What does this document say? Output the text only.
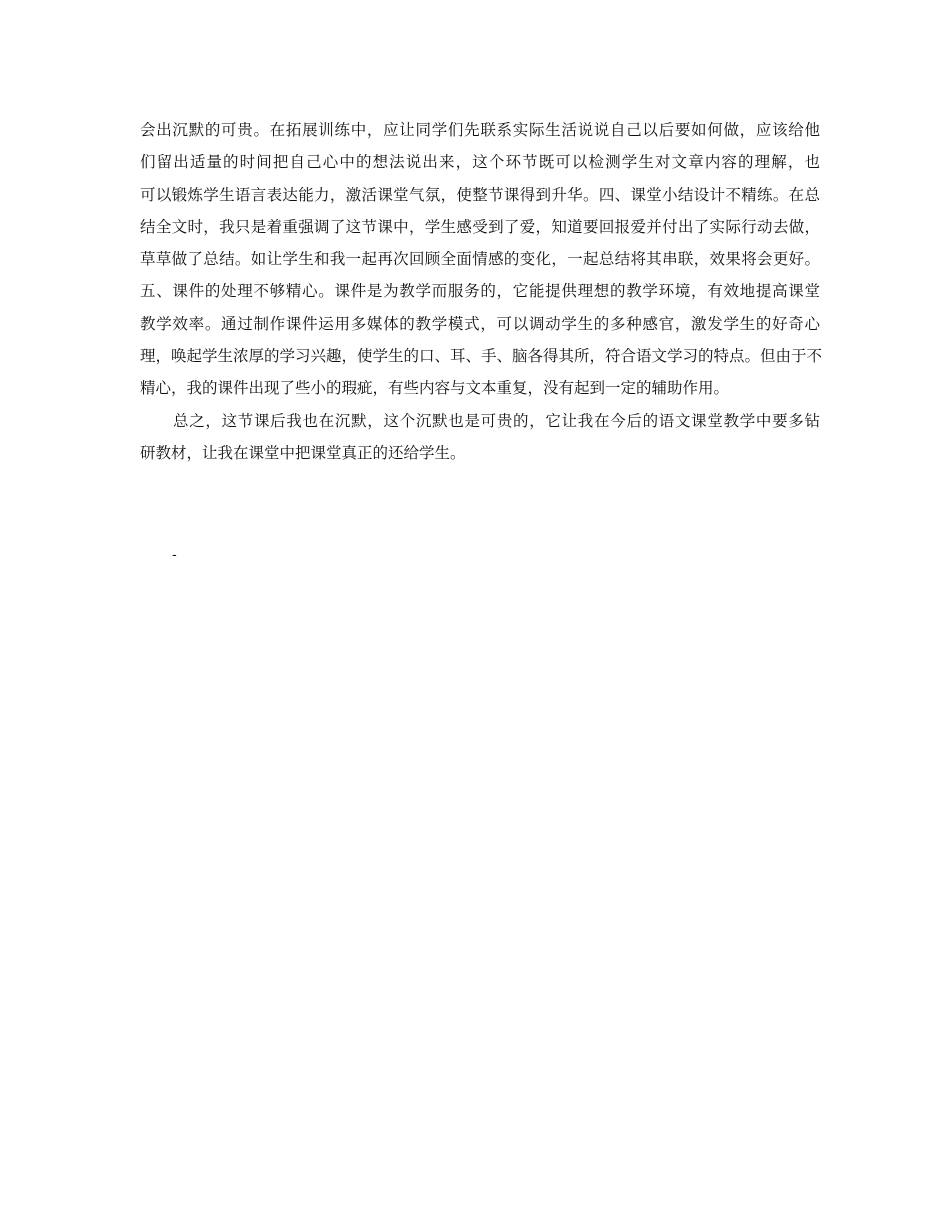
会出沉默的可贵。在拓展训练中，应让同学们先联系实际生活说说自己以后要如何做，应该给他
们留出适量的时间把自己心中的想法说出来，这个环节既可以检测学生对文章内容的理解，也
可以锻炼学生语言表达能力，激活课堂气氛，使整节课得到升华。四、课堂小结设计不精练。在总
结全文时，我只是着重强调了这节课中，学生感受到了爱，知道要回报爱并付出了实际行动去做，
草草做了总结。如让学生和我一起再次回顾全面情感的变化，一起总结将其串联，效果将会更好。
五、课件的处理不够精心。课件是为教学而服务的，它能提供理想的教学环境，有效地提高课堂
教学效率。通过制作课件运用多媒体的教学模式，可以调动学生的多种感官，激发学生的好奇心
理，唤起学生浓厚的学习兴趣，使学生的口、耳、手、脑各得其所，符合语文学习的特点。但由于不
精心，我的课件出现了些小的瑕疵，有些内容与文本重复，没有起到一定的辅助作用。
总之，这节课后我也在沉默，这个沉默也是可贵的，它让我在今后的语文课堂教学中要多钻
研教材，让我在课堂中把课堂真正的还给学生。
-
